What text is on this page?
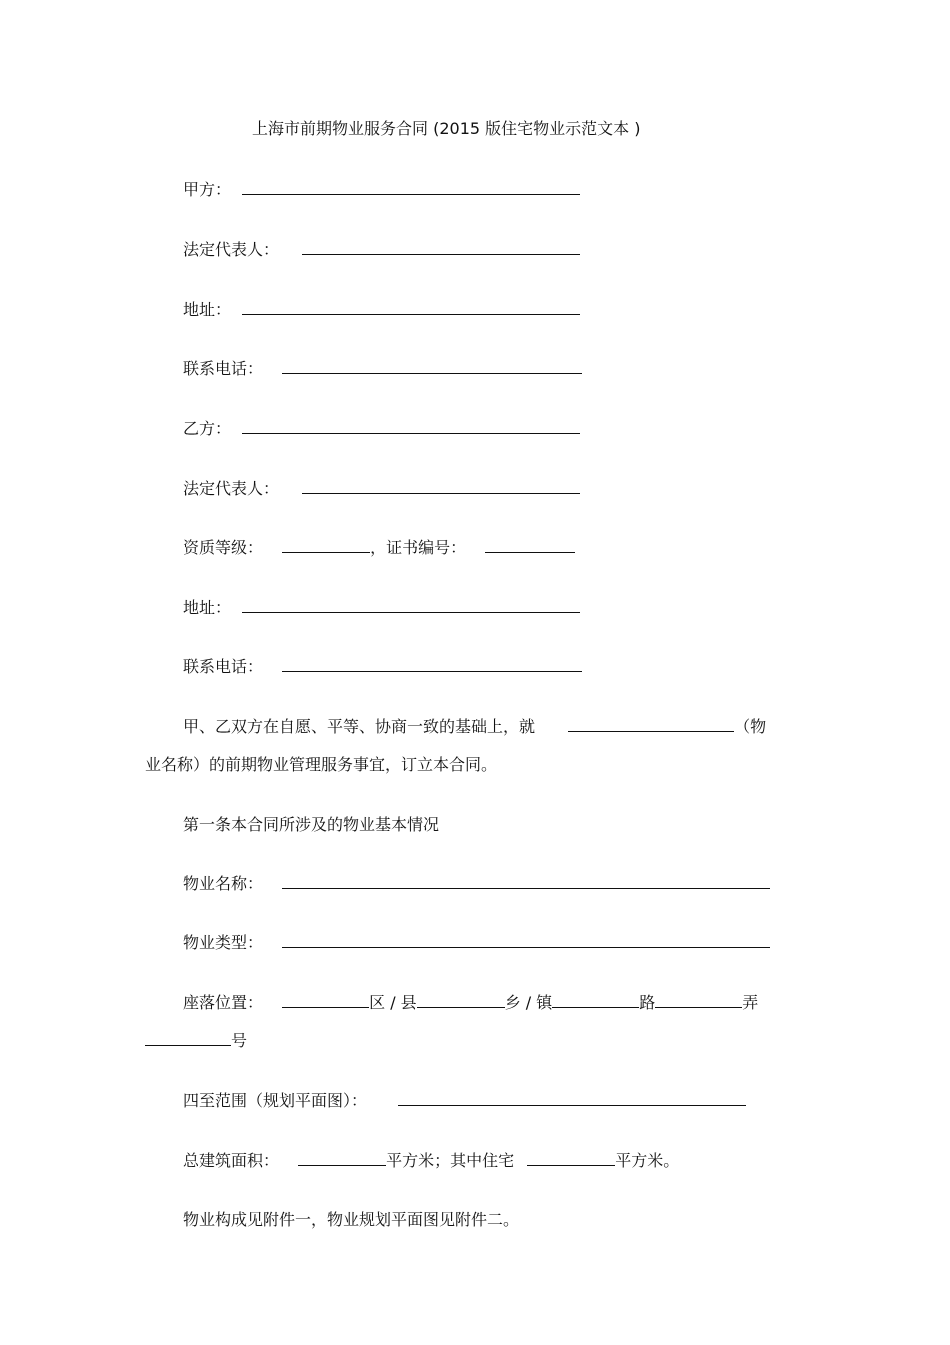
上海市前期物业服务合同 (2015 版住宅物业示范文本 )
甲方：
法定代表人：
地址：
联系电话：
乙方：
法定代表人：
资质等级：	，证书编号：
地址：
联系电话：
甲、乙双方在自愿、平等、协商一致的基础上，就	（物
业名称）的前期物业管理服务事宜，订立本合同。
第一条本合同所涉及的物业基本情况
物业名称：
物业类型：
座落位置：	区 / 县	乡 / 镇	路	弄
号
四至范围（规划平面图）：
总建筑面积：	平方米；其中住宅	平方米。
物业构成见附件一，物业规划平面图见附件二。
